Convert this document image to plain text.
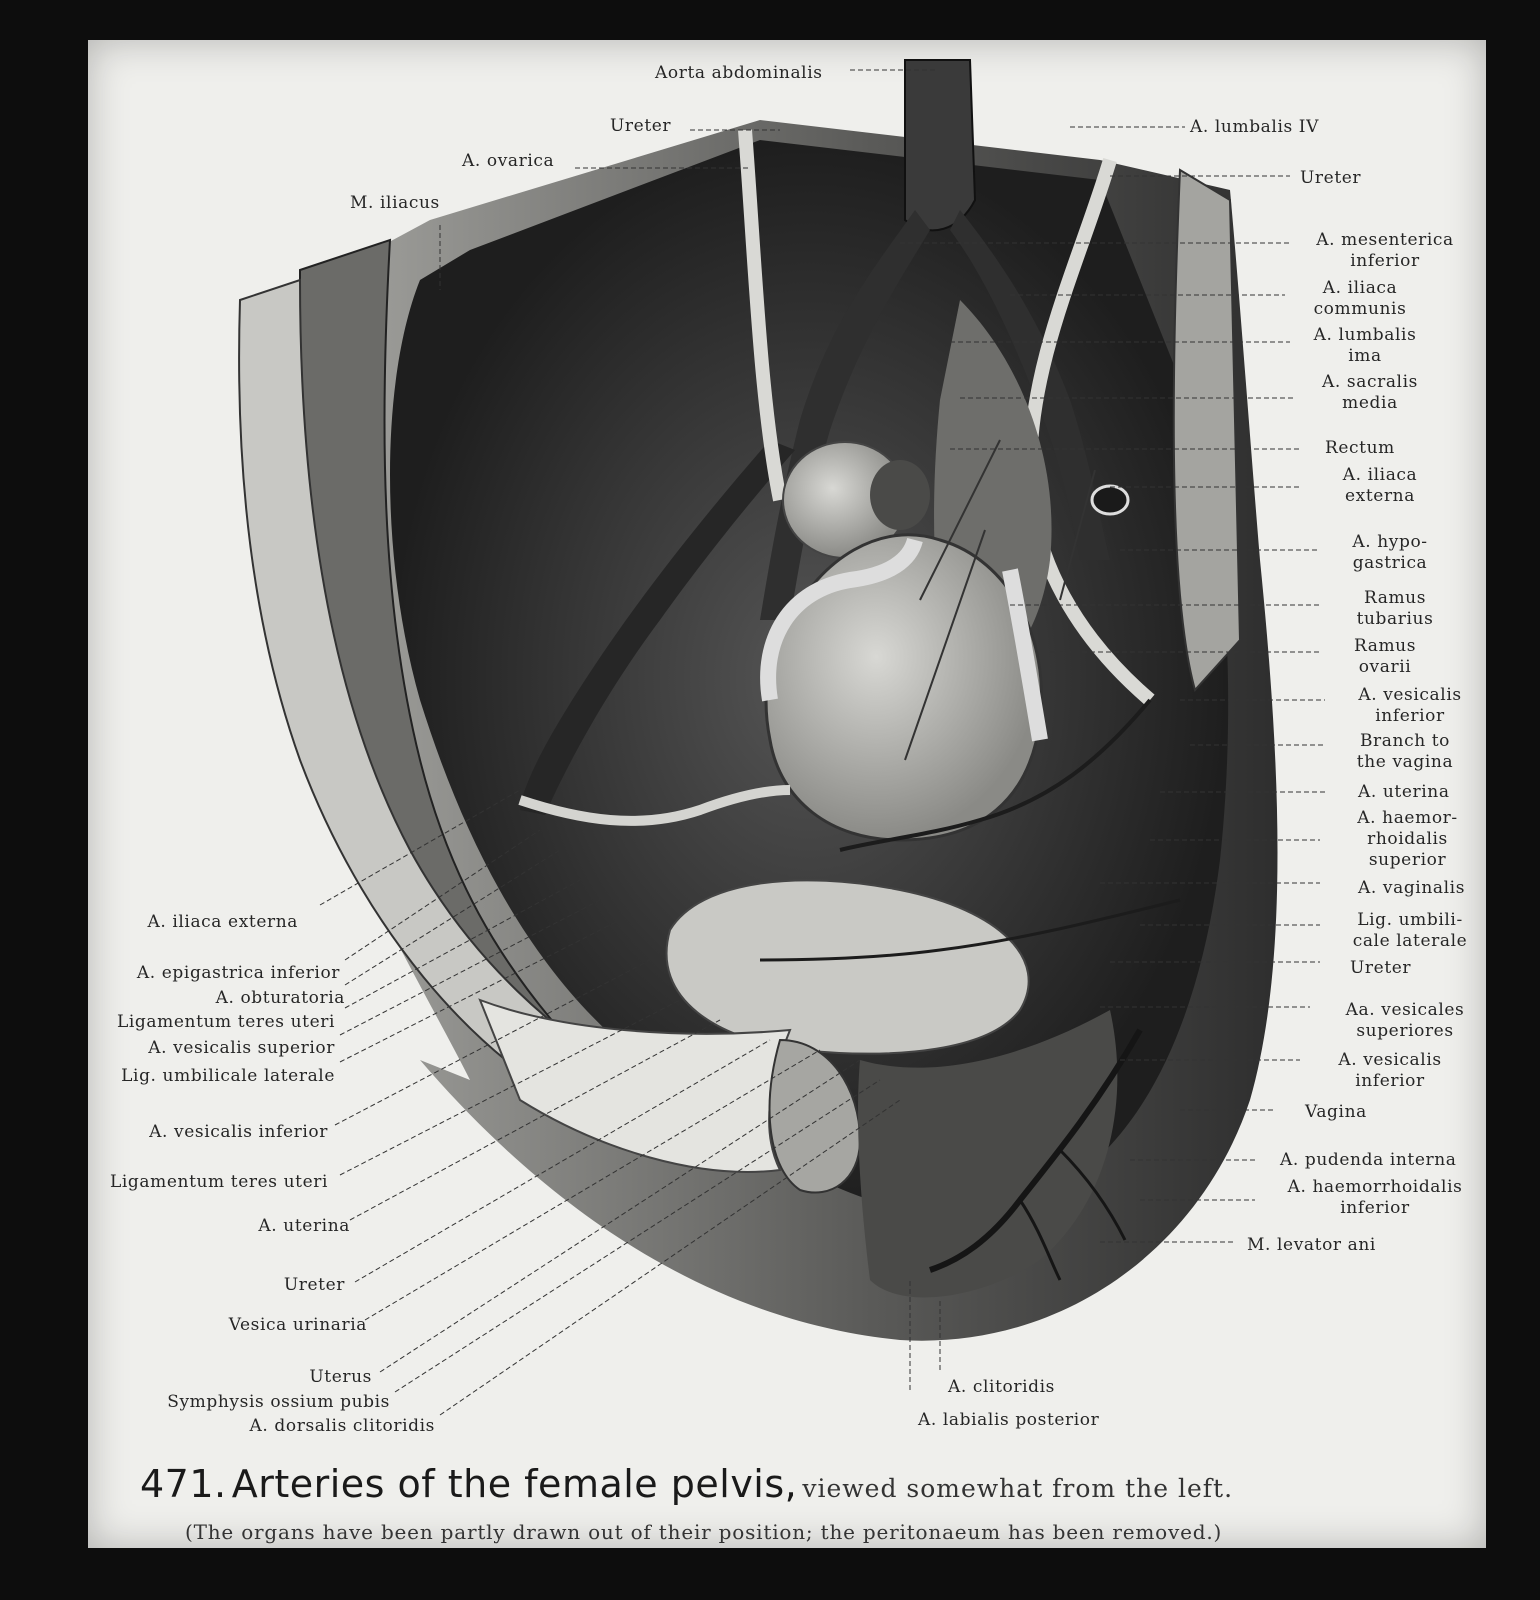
Aorta abdominalis
Ureter
A. ovarica
M. iliacus
A. lumbalis IV
Ureter
A. mesenterica
inferior
A. iliaca
communis
A. lumbalis
ima
A. sacralis
media
Rectum
A. iliaca
externa
A. hypo-
gastrica
Ramus
tubarius
Ramus
ovarii
A. vesicalis
inferior
Branch to
the vagina
A. uterina
A. haemor-
rhoidalis
superior
A. vaginalis
Lig. umbili-
cale laterale
Ureter
Aa. vesicales
superiores
A. vesicalis
inferior
Vagina
A. pudenda interna
A. haemorrhoidalis
inferior
M. levator ani
A. iliaca externa
A. epigastrica inferior
A. obturatoria
Ligamentum teres uteri
A. vesicalis superior
Lig. umbilicale laterale
A. vesicalis inferior
Ligamentum teres uteri
A. uterina
Ureter
Vesica urinaria
Uterus
Symphysis ossium pubis
A. dorsalis clitoridis
A. clitoridis
A. labialis posterior
471. Arteries of the female pelvis, viewed somewhat from the left.
(The organs have been partly drawn out of their position; the peritonaeum has been removed.)
